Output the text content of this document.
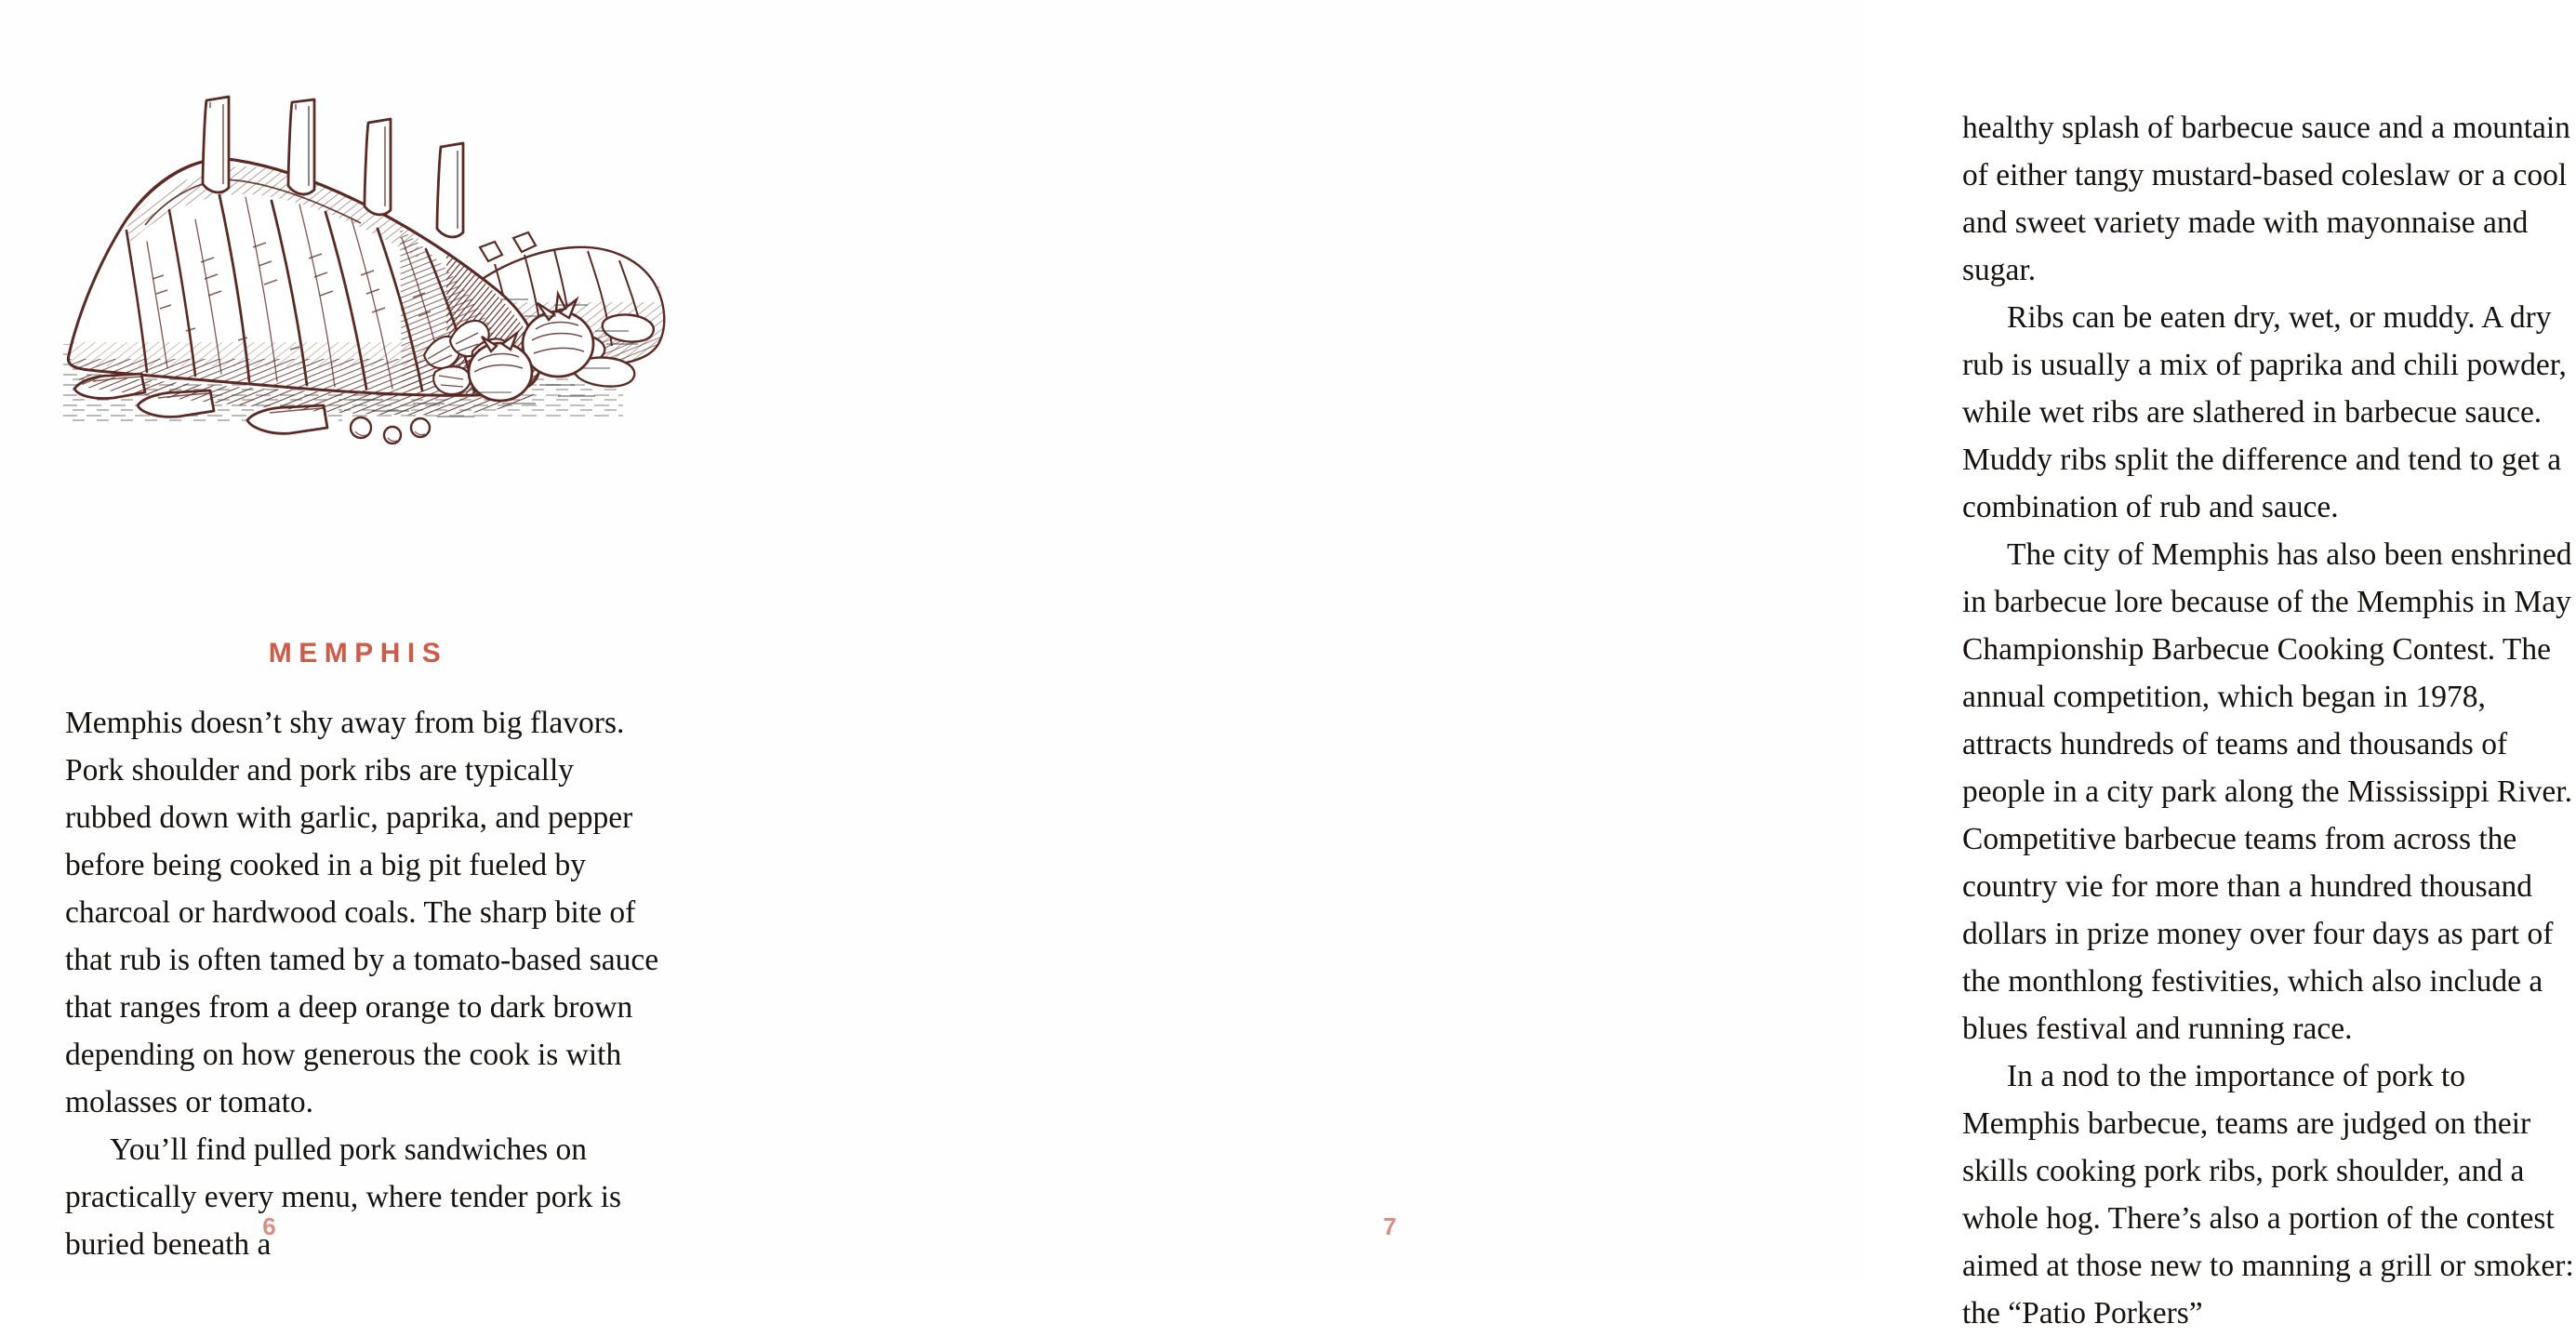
MEMPHIS

Memphis doesn’t shy away from big flavors. Pork shoulder and pork ribs are typically rubbed down with garlic, paprika, and pepper before being cooked in a big pit fueled by charcoal or hardwood coals. The sharp bite of that rub is often tamed by a tomato-based sauce that ranges from a deep orange to dark brown depending on how generous the cook is with molasses or tomato.

You’ll find pulled pork sandwiches on practically every menu, where tender pork is buried beneath a

6

healthy splash of barbecue sauce and a mountain of either tangy mustard-based coleslaw or a cool and sweet variety made with mayonnaise and sugar.

Ribs can be eaten dry, wet, or muddy. A dry rub is usually a mix of paprika and chili powder, while wet ribs are slathered in barbecue sauce. Muddy ribs split the difference and tend to get a combination of rub and sauce.

The city of Memphis has also been enshrined in barbecue lore because of the Memphis in May Championship Barbecue Cooking Contest. The annual competition, which began in 1978, attracts hundreds of teams and thousands of people in a city park along the Mississippi River. Competitive barbecue teams from across the country vie for more than a hundred thousand dollars in prize money over four days as part of the monthlong festivities, which also include a blues festival and running race.

In a nod to the importance of pork to Memphis barbecue, teams are judged on their skills cooking pork ribs, pork shoulder, and a whole hog. There’s also a portion of the contest aimed at those new to manning a grill or smoker: the “Patio Porkers”

7
